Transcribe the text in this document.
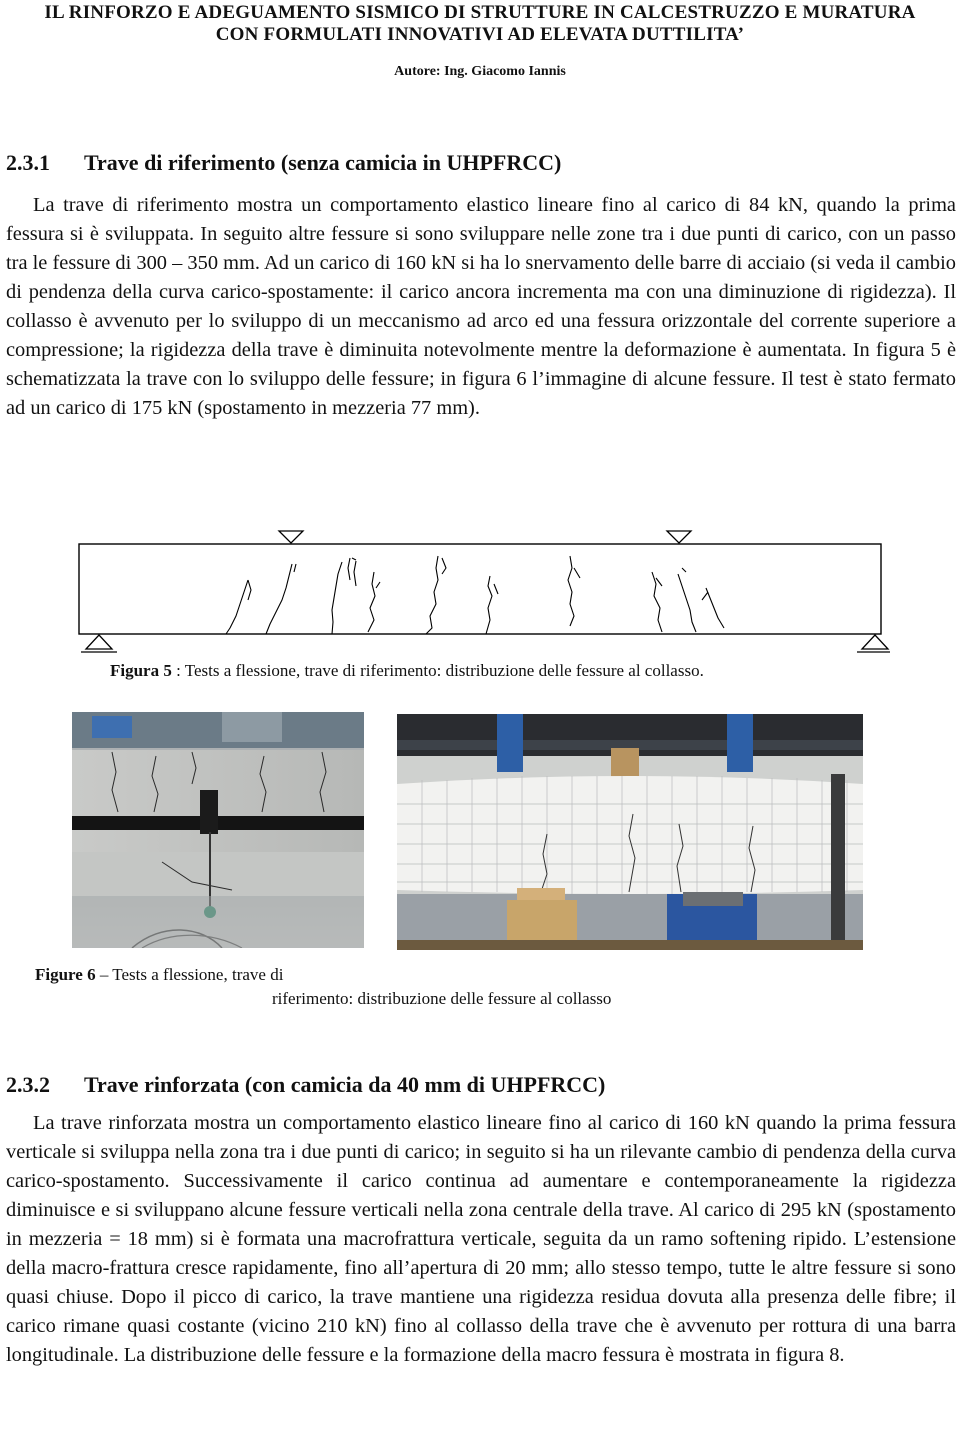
IL RINFORZO E ADEGUAMENTO SISMICO DI STRUTTURE IN CALCESTRUZZO E MURATURA
CON FORMULATI INNOVATIVI AD ELEVATA DUTTILITA’
Autore: Ing. Giacomo Iannis
2.3.1 Trave di riferimento (senza camicia in UHPFRCC)

La trave di riferimento mostra un comportamento elastico lineare fino al carico di 84 kN, quando la prima fessura si è sviluppata. In seguito altre fessure si sono sviluppare nelle zone tra i due punti di carico, con un passo tra le fessure di 300 – 350 mm. Ad un carico di 160 kN si ha lo snervamento delle barre di acciaio (si veda il cambio di pendenza della curva carico-spostamente: il carico ancora incrementa ma con una diminuzione di rigidezza). Il collasso è avvenuto per lo sviluppo di un meccanismo ad arco ed una fessura orizzontale del corrente superiore a compressione; la rigidezza della trave è diminuita notevolmente mentre la deformazione è aumentata. In figura 5 è schematizzata la trave con lo sviluppo delle fessure; in figura 6 l’immagine di alcune fessure. Il test è stato fermato ad un carico di 175 kN (spostamento in mezzeria 77 mm).

Figura 5 : Tests a flessione, trave di riferimento: distribuzione delle fessure al collasso.
Figure 6 – Tests a flessione, trave di
riferimento: distribuzione delle fessure al collasso
2.3.2 Trave rinforzata (con camicia da 40 mm di UHPFRCC)

La trave rinforzata mostra un comportamento elastico lineare fino al carico di 160 kN quando la prima fessura verticale si sviluppa nella zona tra i due punti di carico; in seguito si ha un rilevante cambio di pendenza della curva carico-spostamento. Successivamente il carico continua ad aumentare e contemporaneamente la rigidezza diminuisce e si sviluppano alcune fessure verticali nella zona centrale della trave. Al carico di 295 kN (spostamento in mezzeria = 18 mm) si è formata una macrofrattura verticale, seguita da un ramo softening ripido. L’estensione della macro-frattura cresce rapidamente, fino all’apertura di 20 mm; allo stesso tempo, tutte le altre fessure si sono quasi chiuse. Dopo il picco di carico, la trave mantiene una rigidezza residua dovuta alla presenza delle fibre; il carico rimane quasi costante (vicino 210 kN) fino al collasso della trave che è avvenuto per rottura di una barra longitudinale. La distribuzione delle fessure e la formazione della macro fessura è mostrata in figura 8.
